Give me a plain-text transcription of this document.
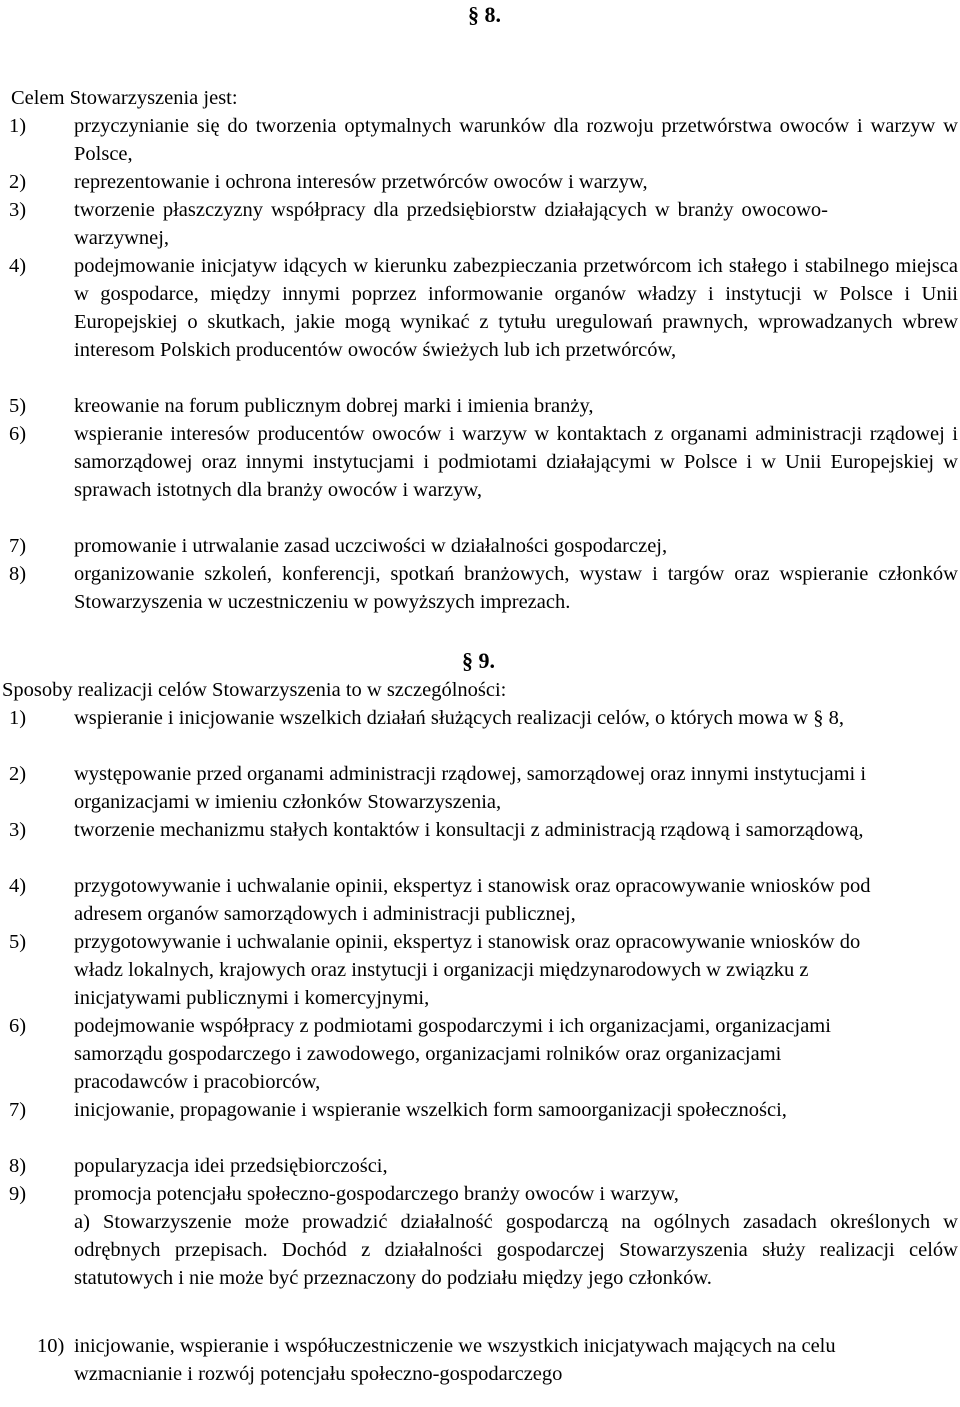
§ 8.
Celem Stowarzyszenia jest:
1) przyczynianie się do tworzenia optymalnych warunków dla rozwoju przetwórstwa owoców i warzyw w Polsce,
2) reprezentowanie i ochrona interesów przetwórców owoców i warzyw,
3) tworzenie płaszczyzny współpracy dla przedsiębiorstw działających w branży owocowo-warzywnej,
4) podejmowanie inicjatyw idących w kierunku zabezpieczania przetwórcom ich stałego i stabilnego miejsca w gospodarce, między innymi poprzez informowanie organów władzy i instytucji w Polsce i Unii Europejskiej o skutkach, jakie mogą wynikać z tytułu uregulowań prawnych, wprowadzanych wbrew interesom Polskich producentów owoców świeżych lub ich przetwórców,
5) kreowanie na forum publicznym dobrej marki i imienia branży,
6) wspieranie interesów producentów owoców i warzyw w kontaktach z organami administracji rządowej i samorządowej oraz innymi instytucjami i podmiotami działającymi w Polsce i w Unii Europejskiej w sprawach istotnych dla branży owoców i warzyw,
7) promowanie i utrwalanie zasad uczciwości w działalności gospodarczej,
8) organizowanie szkoleń, konferencji, spotkań branżowych, wystaw i targów oraz wspieranie członków Stowarzyszenia w uczestniczeniu w powyższych imprezach.
§ 9.
Sposoby realizacji celów Stowarzyszenia to w szczególności:
1) wspieranie i inicjowanie wszelkich działań służących realizacji celów, o których mowa w § 8,
2) występowanie przed organami administracji rządowej, samorządowej oraz innymi instytucjami i organizacjami w imieniu członków Stowarzyszenia,
3) tworzenie mechanizmu stałych kontaktów i konsultacji z administracją rządową i samorządową,
4) przygotowywanie i uchwalanie opinii, ekspertyz i stanowisk oraz opracowywanie wniosków pod adresem organów samorządowych i administracji publicznej,
5) przygotowywanie i uchwalanie opinii, ekspertyz i stanowisk oraz opracowywanie wniosków do władz lokalnych, krajowych oraz instytucji i organizacji międzynarodowych w związku z inicjatywami publicznymi i komercyjnymi,
6) podejmowanie współpracy z podmiotami gospodarczymi i ich organizacjami, organizacjami samorządu gospodarczego i zawodowego, organizacjami rolników oraz organizacjami pracodawców i pracobiorców,
7) inicjowanie, propagowanie i wspieranie wszelkich form samoorganizacji społeczności,
8) popularyzacja idei przedsiębiorczości,
9) promocja potencjału społeczno-gospodarczego branży owoców i warzyw,
a) Stowarzyszenie może prowadzić działalność gospodarczą na ogólnych zasadach określonych w odrębnych przepisach. Dochód z działalności gospodarczej Stowarzyszenia służy realizacji celów statutowych i nie może być przeznaczony do podziału między jego członków.
10) inicjowanie, wspieranie i współuczestniczenie we wszystkich inicjatywach mających na celu wzmacnianie i rozwój potencjału społeczno-gospodarczego
